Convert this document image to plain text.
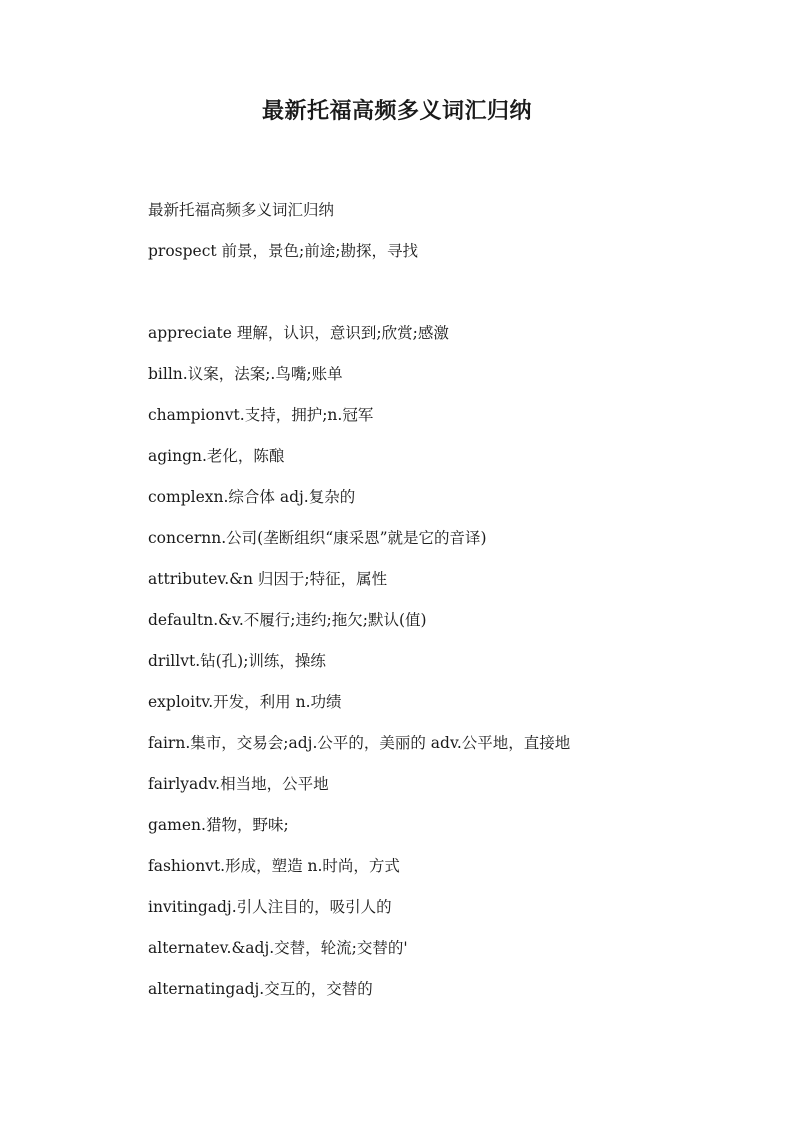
最新托福高频多义词汇归纳
最新托福高频多义词汇归纳
prospect 前景，景色;前途;勘探，寻找
appreciate 理解，认识，意识到;欣赏;感激
billn.议案，法案;.鸟嘴;账单
championvt.支持，拥护;n.冠军
agingn.老化，陈酿
complexn.综合体 adj.复杂的
concernn.公司(垄断组织“康采恩”就是它的音译)
attributev.&n 归因于;特征，属性
defaultn.&v.不履行;违约;拖欠;默认(值)
drillvt.钻(孔);训练，操练
exploitv.开发，利用 n.功绩
fairn.集市，交易会;adj.公平的，美丽的 adv.公平地，直接地
fairlyadv.相当地，公平地
gamen.猎物，野味;
fashionvt.形成，塑造 n.时尚，方式
invitingadj.引人注目的，吸引人的
alternatev.&adj.交替，轮流;交替的'
alternatingadj.交互的，交替的
